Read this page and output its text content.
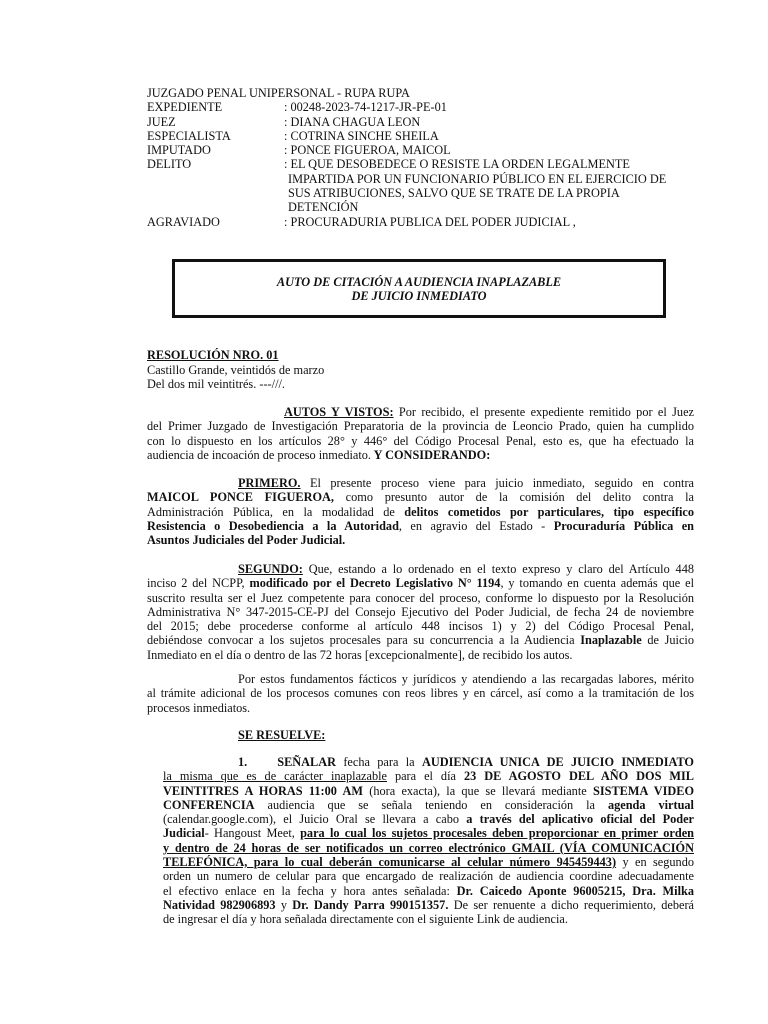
JUZGADO PENAL UNIPERSONAL - RUPA RUPA
EXPEDIENTE	: 00248-2023-74-1217-JR-PE-01
JUEZ	: DIANA CHAGUA LEON
ESPECIALISTA	: COTRINA SINCHE SHEILA
IMPUTADO	: PONCE FIGUEROA, MAICOL
DELITO	: EL QUE DESOBEDECE O RESISTE LA ORDEN LEGALMENTE
IMPARTIDA POR UN FUNCIONARIO PÚBLICO EN EL EJERCICIO DE
SUS ATRIBUCIONES, SALVO QUE SE TRATE DE LA PROPIA
DETENCIÓN
AGRAVIADO	: PROCURADURIA PUBLICA DEL PODER JUDICIAL ,
AUTO DE CITACIÓN A AUDIENCIA INAPLAZABLE
DE JUICIO INMEDIATO
RESOLUCIÓN NRO. 01
Castillo Grande, veintidós de marzo
Del dos mil veintitrés. ---///.
AUTOS Y VISTOS: Por recibido, el presente expediente remitido por el Juez
del Primer Juzgado de Investigación Preparatoria de la provincia de Leoncio Prado, quien ha cumplido
con lo dispuesto en los artículos 28° y 446° del Código Procesal Penal, esto es, que ha efectuado la
audiencia de incoación de proceso inmediato. Y CONSIDERANDO:
PRIMERO. El presente proceso viene para juicio inmediato, seguido en contra
MAICOL PONCE FIGUEROA, como presunto autor de la comisión del delito contra la
Administración Pública, en la modalidad de delitos cometidos por particulares, tipo específico
Resistencia o Desobediencia a la Autoridad, en agravio del Estado - Procuraduría Pública en
Asuntos Judiciales del Poder Judicial.
SEGUNDO: Que, estando a lo ordenado en el texto expreso y claro del Artículo 448
inciso 2 del NCPP, modificado por el Decreto Legislativo N° 1194, y tomando en cuenta además que el
suscrito resulta ser el Juez competente para conocer del proceso, conforme lo dispuesto por la Resolución
Administrativa N° 347-2015-CE-PJ del Consejo Ejecutivo del Poder Judicial, de fecha 24 de noviembre
del 2015; debe procederse conforme al artículo 448 incisos 1) y 2) del Código Procesal Penal,
debiéndose convocar a los sujetos procesales para su concurrencia a la Audiencia Inaplazable de Juicio
Inmediato en el día o dentro de las 72 horas [excepcionalmente], de recibido los autos.
Por estos fundamentos fácticos y jurídicos y atendiendo a las recargadas labores, mérito
al trámite adicional de los procesos comunes con reos libres y en cárcel, así como a la tramitación de los
procesos inmediatos.
SE RESUELVE:
1. SEÑALAR fecha para la AUDIENCIA UNICA DE JUICIO INMEDIATO
la misma que es de carácter inaplazable para el día 23 DE AGOSTO DEL AÑO DOS MIL
VEINTITRES A HORAS 11:00 AM (hora exacta), la que se llevará mediante SISTEMA VIDEO
CONFERENCIA audiencia que se señala teniendo en consideración la agenda virtual
(calendar.google.com), el Juicio Oral se llevara a cabo a través del aplicativo oficial del Poder
Judicial- Hangoust Meet, para lo cual los sujetos procesales deben proporcionar en primer orden
y dentro de 24 horas de ser notificados un correo electrónico GMAIL (VÍA COMUNICACIÓN
TELEFÓNICA, para lo cual deberán comunicarse al celular número 945459443) y en segundo
orden un numero de celular para que encargado de realización de audiencia coordine adecuadamente
el efectivo enlace en la fecha y hora antes señalada: Dr. Caicedo Aponte 96005215, Dra. Milka
Natividad 982906893 y Dr. Dandy Parra 990151357. De ser renuente a dicho requerimiento, deberá
de ingresar el día y hora señalada directamente con el siguiente Link de audiencia.
